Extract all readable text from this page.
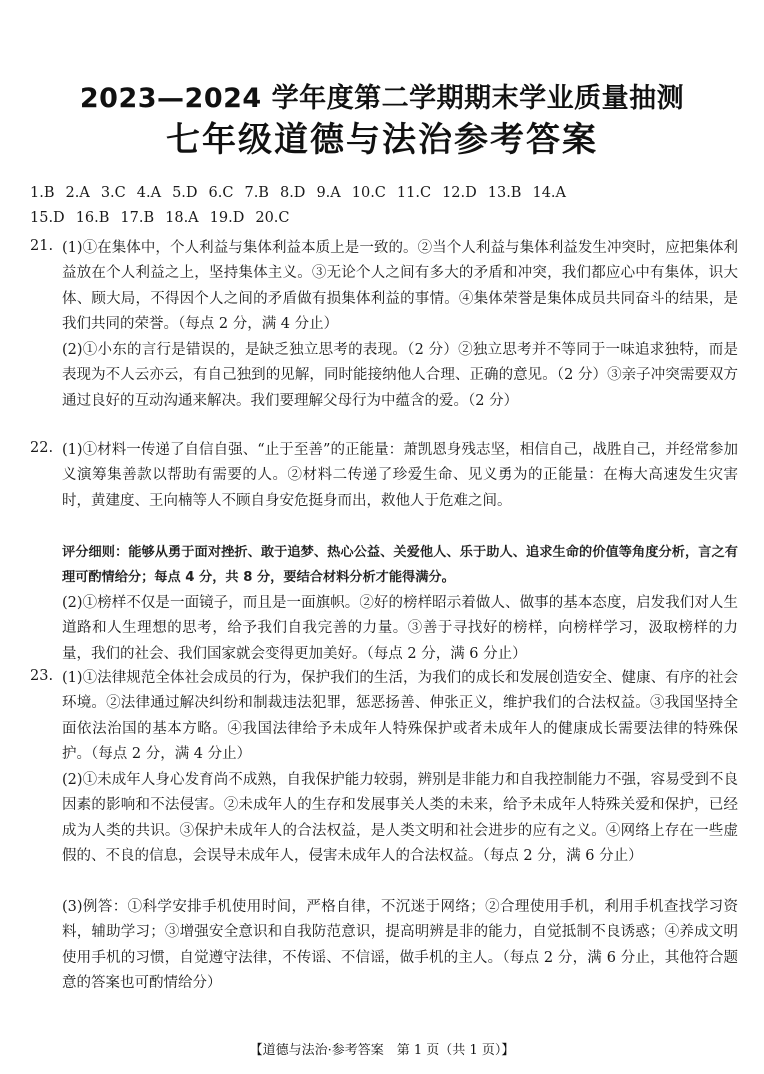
2023—2024 学年度第二学期期末学业质量抽测
七年级道德与法治参考答案
1.B 2.A 3.C 4.A 5.D 6.C 7.B 8.D 9.A 10.C 11.C 12.D 13.B 14.A
15.D 16.B 17.B 18.A 19.D 20.C
21. (1)①在集体中，个人利益与集体利益本质上是一致的。②当个人利益与集体利益发生冲突时，应把集体利益放在个人利益之上，坚持集体主义。③无论个人之间有多大的矛盾和冲突，我们都应心中有集体，识大体、顾大局，不得因个人之间的矛盾做有损集体利益的事情。④集体荣誉是集体成员共同奋斗的结果，是我们共同的荣誉。（每点 2 分，满 4 分止）
(2)①小东的言行是错误的，是缺乏独立思考的表现。（2 分）②独立思考并不等同于一味追求独特，而是表现为不人云亦云，有自己独到的见解，同时能接纳他人合理、正确的意见。（2 分）③亲子冲突需要双方通过良好的互动沟通来解决。我们要理解父母行为中蕴含的爱。（2 分）
22. (1)①材料一传递了自信自强、“止于至善”的正能量：萧凯恩身残志坚，相信自己，战胜自己，并经常参加义演筹集善款以帮助有需要的人。②材料二传递了珍爱生命、见义勇为的正能量：在梅大高速发生灾害时，黄建度、王向楠等人不顾自身安危挺身而出，救他人于危难之间。
评分细则：能够从勇于面对挫折、敢于追梦、热心公益、关爱他人、乐于助人、追求生命的价值等角度分析，言之有理可酌情给分；每点 4 分，共 8 分，要结合材料分析才能得满分。
(2)①榜样不仅是一面镜子，而且是一面旗帜。②好的榜样昭示着做人、做事的基本态度，启发我们对人生道路和人生理想的思考，给予我们自我完善的力量。③善于寻找好的榜样，向榜样学习，汲取榜样的力量，我们的社会、我们国家就会变得更加美好。（每点 2 分，满 6 分止）
23. (1)①法律规范全体社会成员的行为，保护我们的生活，为我们的成长和发展创造安全、健康、有序的社会环境。②法律通过解决纠纷和制裁违法犯罪，惩恶扬善、伸张正义，维护我们的合法权益。③我国坚持全面依法治国的基本方略。④我国法律给予未成年人特殊保护或者未成年人的健康成长需要法律的特殊保护。（每点 2 分，满 4 分止）
(2)①未成年人身心发育尚不成熟，自我保护能力较弱，辨别是非能力和自我控制能力不强，容易受到不良因素的影响和不法侵害。②未成年人的生存和发展事关人类的未来，给予未成年人特殊关爱和保护，已经成为人类的共识。③保护未成年人的合法权益，是人类文明和社会进步的应有之义。④网络上存在一些虚假的、不良的信息，会误导未成年人，侵害未成年人的合法权益。（每点 2 分，满 6 分止）
(3)例答：①科学安排手机使用时间，严格自律，不沉迷于网络；②合理使用手机，利用手机查找学习资料，辅助学习；③增强安全意识和自我防范意识，提高明辨是非的能力，自觉抵制不良诱惑；④养成文明使用手机的习惯，自觉遵守法律，不传谣、不信谣，做手机的主人。（每点 2 分，满 6 分止，其他符合题意的答案也可酌情给分）
【道德与法治·参考答案　第 1 页（共 1 页）】
